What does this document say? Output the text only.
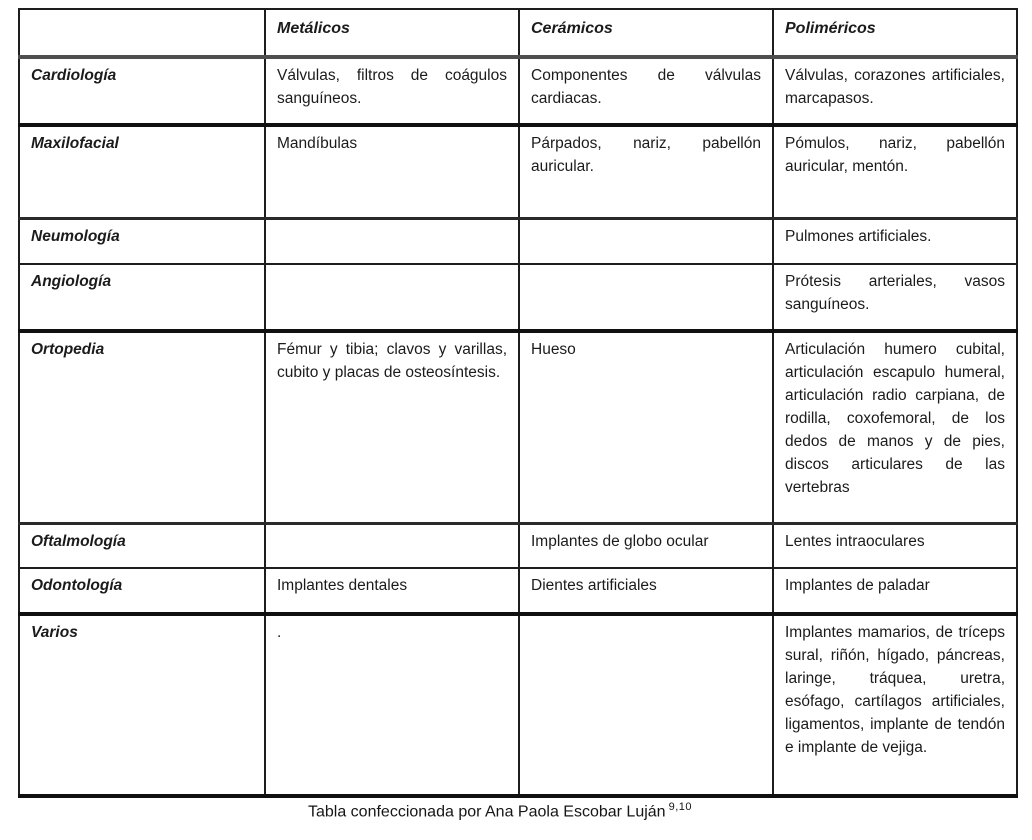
	Metálicos	Cerámicos	Poliméricos
Cardiología	Válvulas, filtros de coágulos sanguíneos.	Componentes de válvulas cardiacas.	Válvulas, corazones artificiales, marcapasos.
Maxilofacial	Mandíbulas	Párpados, nariz, pabellón auricular.	Pómulos, nariz, pabellón auricular, mentón.
Neumología			Pulmones artificiales.
Angiología			Prótesis arteriales, vasos sanguíneos.
Ortopedia	Fémur y tibia; clavos y varillas, cubito y placas de osteosíntesis.	Hueso	Articulación humero cubital, articulación escapulo humeral, articulación radio carpiana, de rodilla, coxofemoral, de los dedos de manos y de pies, discos articulares de las vertebras
Oftalmología		Implantes de globo ocular	Lentes intraoculares
Odontología	Implantes dentales	Dientes artificiales	Implantes de paladar
Varios	.		Implantes mamarios, de tríceps sural, riñón, hígado, páncreas, laringe, tráquea, uretra, esófago, cartílagos artificiales, ligamentos, implante de tendón e implante de vejiga.
Tabla confeccionada por Ana Paola Escobar Luján $^{9,10}$
